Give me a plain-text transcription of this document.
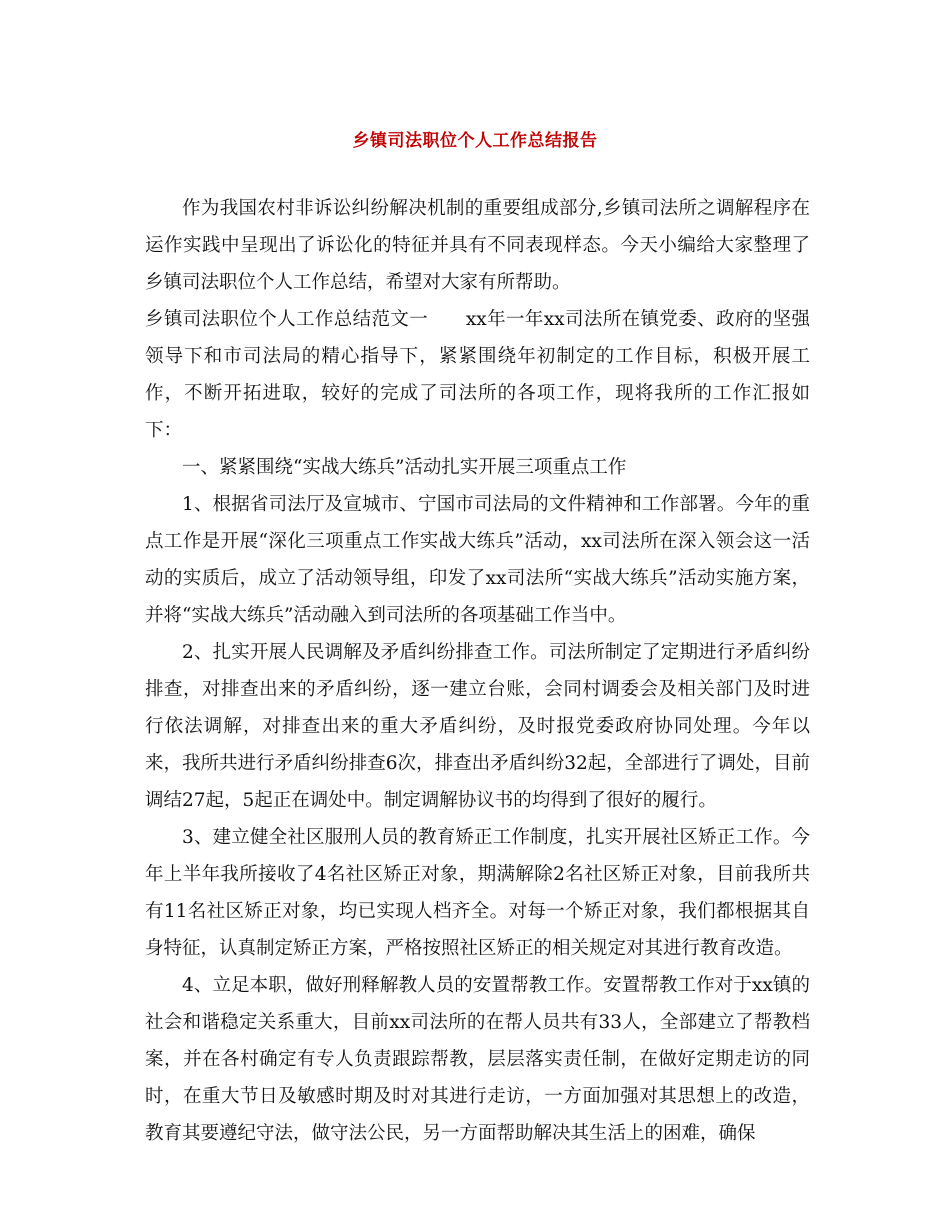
乡镇司法职位个人工作总结报告

作为我国农村非诉讼纠纷解决机制的重要组成部分,乡镇司法所之调解程序在运作实践中呈现出了诉讼化的特征并具有不同表现样态。今天小编给大家整理了乡镇司法职位个人工作总结，希望对大家有所帮助。

乡镇司法职位个人工作总结范文一　　xx年一年xx司法所在镇党委、政府的坚强领导下和市司法局的精心指导下，紧紧围绕年初制定的工作目标，积极开展工作，不断开拓进取，较好的完成了司法所的各项工作，现将我所的工作汇报如下：

一、紧紧围绕“实战大练兵”活动扎实开展三项重点工作

1、根据省司法厅及宣城市、宁国市司法局的文件精神和工作部署。今年的重点工作是开展“深化三项重点工作实战大练兵”活动，xx司法所在深入领会这一活动的实质后，成立了活动领导组，印发了xx司法所“实战大练兵”活动实施方案，并将“实战大练兵”活动融入到司法所的各项基础工作当中。

2、扎实开展人民调解及矛盾纠纷排查工作。司法所制定了定期进行矛盾纠纷排查，对排查出来的矛盾纠纷，逐一建立台账，会同村调委会及相关部门及时进行依法调解，对排查出来的重大矛盾纠纷，及时报党委政府协同处理。今年以来，我所共进行矛盾纠纷排查6次，排查出矛盾纠纷32起，全部进行了调处，目前调结27起，5起正在调处中。制定调解协议书的均得到了很好的履行。

3、建立健全社区服刑人员的教育矫正工作制度，扎实开展社区矫正工作。今年上半年我所接收了4名社区矫正对象，期满解除2名社区矫正对象，目前我所共有11名社区矫正对象，均已实现人档齐全。对每一个矫正对象，我们都根据其自身特征，认真制定矫正方案，严格按照社区矫正的相关规定对其进行教育改造。

4、立足本职，做好刑释解教人员的安置帮教工作。安置帮教工作对于xx镇的社会和谐稳定关系重大，目前xx司法所的在帮人员共有33人，全部建立了帮教档案，并在各村确定有专人负责跟踪帮教，层层落实责任制，在做好定期走访的同时，在重大节日及敏感时期及时对其进行走访，一方面加强对其思想上的改造，教育其要遵纪守法，做守法公民，另一方面帮助解决其生活上的困难，确保
